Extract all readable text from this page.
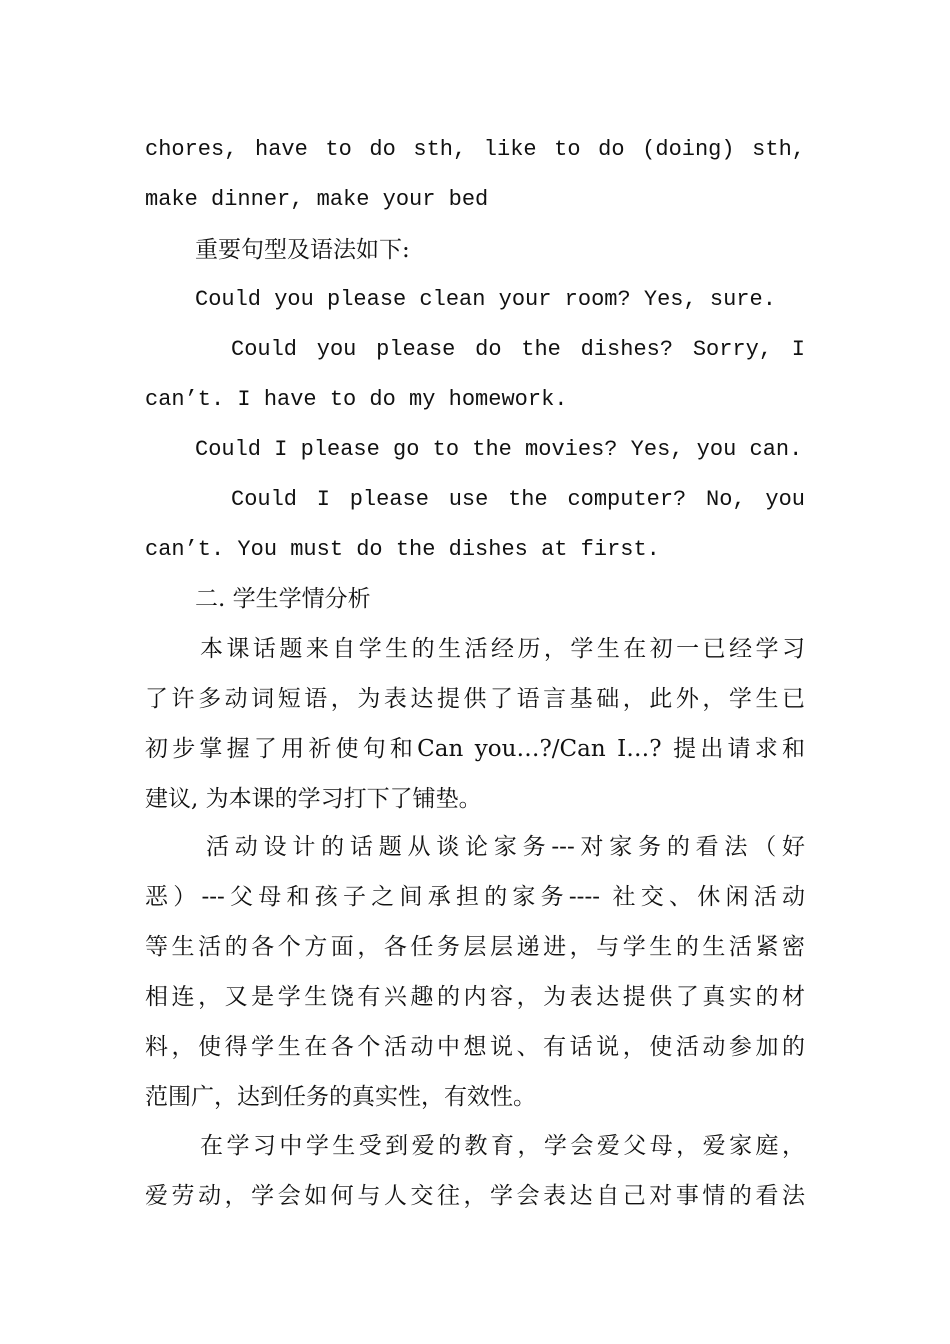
chores, have to do sth, like to do (doing) sth,
make dinner, make your bed
重要句型及语法如下:
Could you please clean your room? Yes, sure.
Could you please do the dishes? Sorry, I
can’t. I have to do my homework.
Could I please go to the movies? Yes, you can.
Could I please use the computer? No, you
can’t. You must do the dishes at first.
二. 学生学情分析
本课话题来自学生的生活经历，学生在初一已经学习
了许多动词短语，为表达提供了语言基础，此外，学生已
初步掌握了用祈使句和Can you…?/Can I…? 提出请求和
建议, 为本课的学习打下了铺垫。
活动设计的话题从谈论家务---对家务的看法（好
恶）---父母和孩子之间承担的家务---- 社交、休闲活动
等生活的各个方面，各任务层层递进，与学生的生活紧密
相连，又是学生饶有兴趣的内容，为表达提供了真实的材
料，使得学生在各个活动中想说、有话说，使活动参加的
范围广，达到任务的真实性，有效性。
在学习中学生受到爱的教育，学会爱父母，爱家庭，
爱劳动，学会如何与人交往，学会表达自己对事情的看法
